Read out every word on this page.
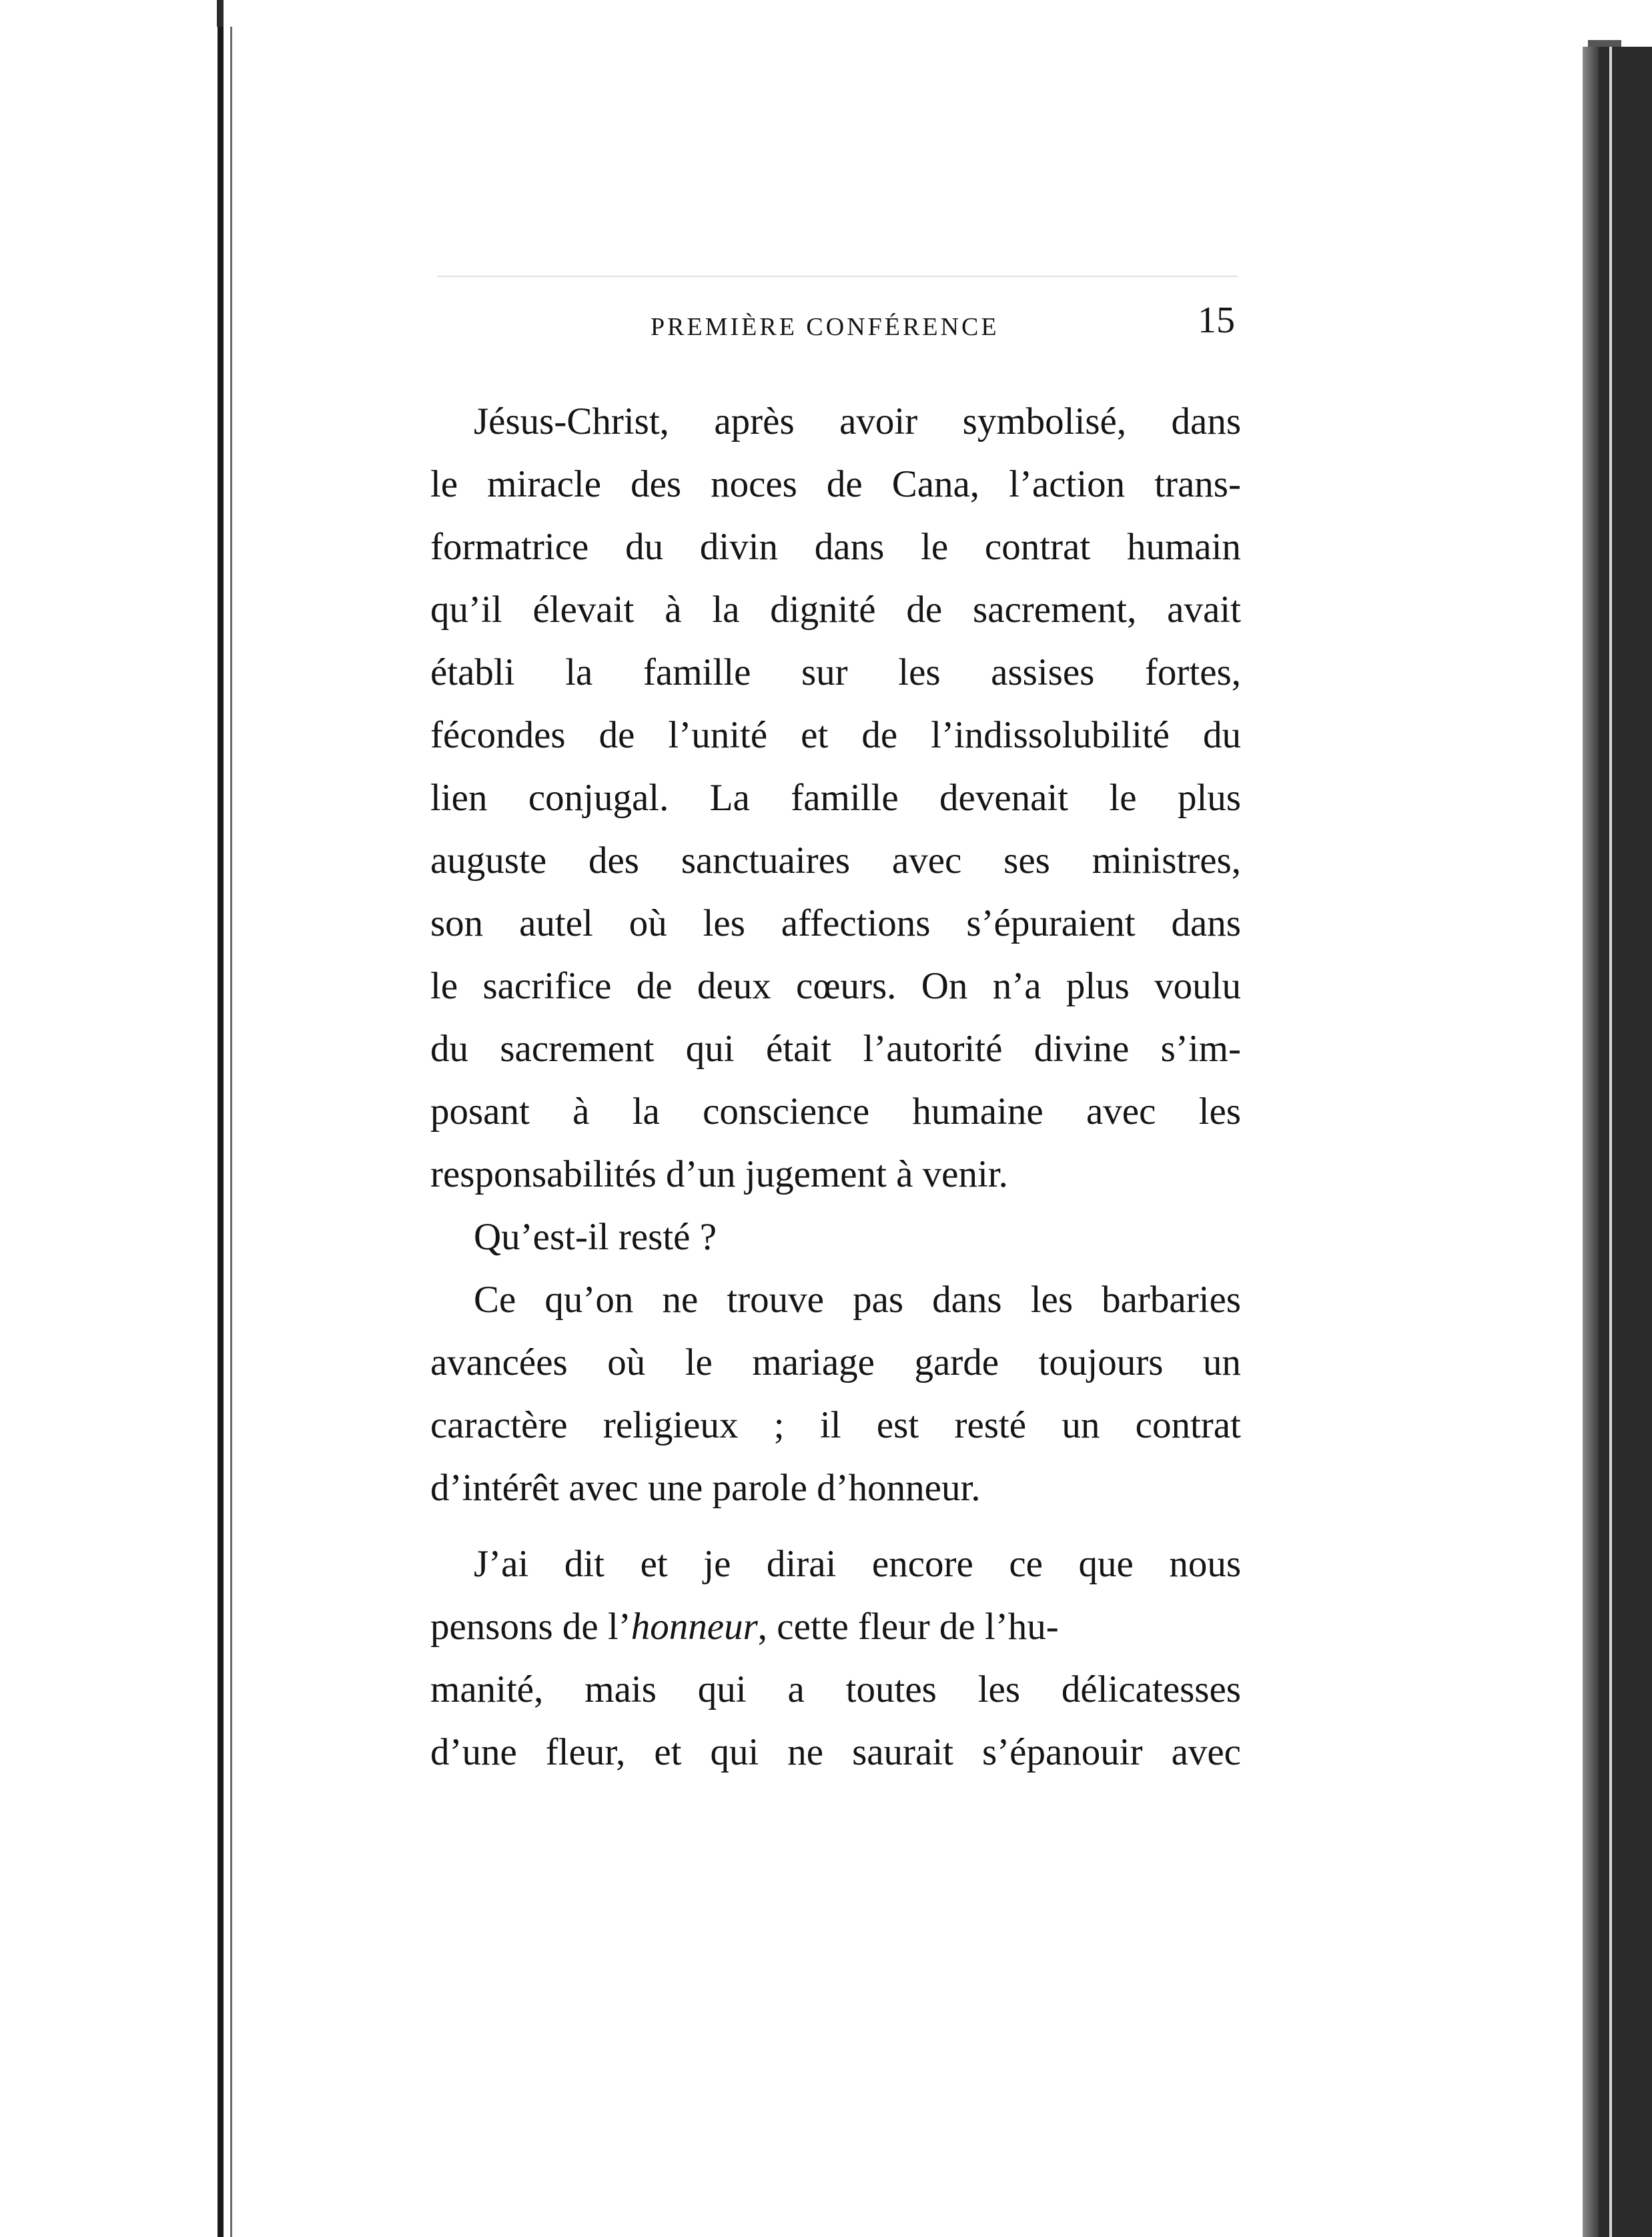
PREMIÈRE CONFÉRENCE	15
Jésus-Christ, après avoir symbolisé, dans
le miracle des noces de Cana, l’action trans-
formatrice du divin dans le contrat humain
qu’il élevait à la dignité de sacrement, avait
établi la famille sur les assises fortes,
fécondes de l’unité et de l’indissolubilité du
lien conjugal. La famille devenait le plus
auguste des sanctuaires avec ses ministres,
son autel où les affections s’épuraient dans
le sacrifice de deux cœurs. On n’a plus voulu
du sacrement qui était l’autorité divine s’im-
posant à la conscience humaine avec les
responsabilités d’un jugement à venir.
Qu’est-il resté ?
Ce qu’on ne trouve pas dans les barbaries
avancées où le mariage garde toujours un
caractère religieux ; il est resté un contrat
d’intérêt avec une parole d’honneur.
J’ai dit et je dirai encore ce que nous
pensons de l’ honneur , cette fleur de l’hu-
manité, mais qui a toutes les délicatesses
d’une fleur, et qui ne saurait s’épanouir avec
